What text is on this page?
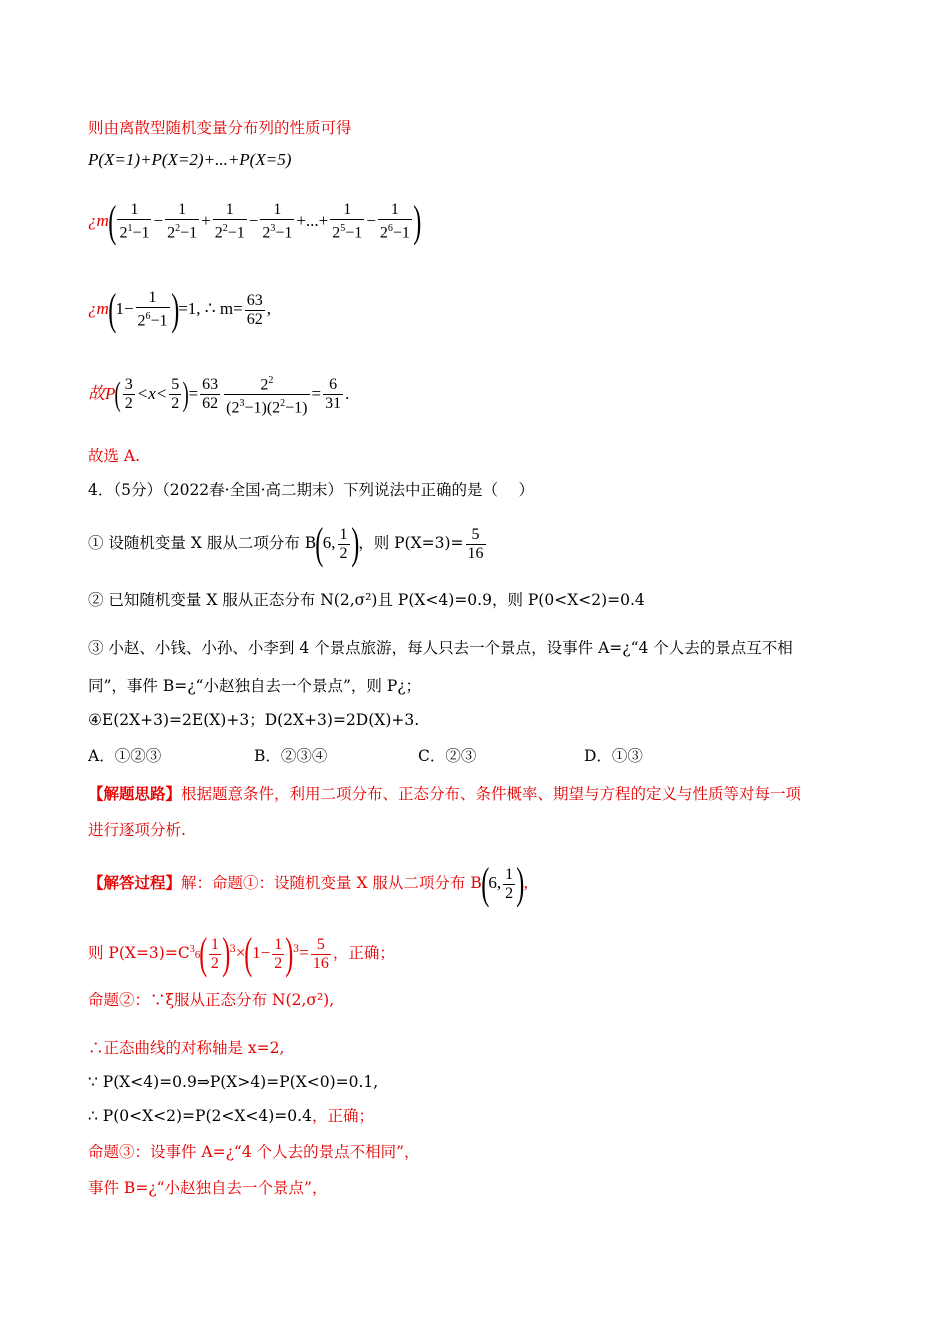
则由离散型随机变量分布列的性质可得
P(X=1)+P(X=2)+...+P(X=5)
¿$m( \frac{1}{2^1-1} - \frac{1}{2^2-1} + \frac{1}{2^2-1} - \frac{1}{2^3-1}$ +...+ $\frac{1}{2^5-1} - \frac{1}{2^6-1}$ )
¿$m(1- \frac{1}{2^6-1} )=1$, ∴ $m= \frac{63}{62}$ ,
故$P( \frac{3}{2} <x< \frac{5}{2}$ )= $\frac{63}{62} \frac{2^2}{(2^3-1)(2^2-1)} = \frac{6}{31}$ .
故选 A.
4．（5分）（2022春·全国·高二期末）下列说法中正确的是（　 ）
① 设随机变量 X 服从二项分布 B(6, $\frac{1}{2}$ )，则 $P(X=3)= \frac{5}{16}$
② 已知随机变量 X 服从正态分布 N(2,σ²)且 P(X<4)=0.9，则 P(0<X<2)=0.4
③ 小赵、小钱、小孙、小李到 4 个景点旅游，每人只去一个景点，设事件 A=¿“4 个人去的景点互不相
同”，事件 B=¿“小赵独自去一个景点”，则 P¿；
④E(2X+3)=2E(X)+3；D(2X+3)=2D(X)+3.
A．①②③	B．②③④	C．②③	D．①③
【解题思路】根据题意条件，利用二项分布、正态分布、条件概率、期望与方程的定义与性质等对每一项
进行逐项分析.
【解答过程】解：命题①：设随机变量 X 服从二项分布 B(6, $\frac{1}{2}$ ),
则 $P(X=3)=C^36( \frac{1}{2} )^3\times(1- \frac{1}{2} )^3= \frac{5}{16}$ ，正确；
命题②：∵ξ服从正态分布 N(2,σ²),
∴正态曲线的对称轴是 x=2,
∵ P(X<4)=0.9⇒P(X>4)=P(X<0)=0.1,
∴ P(0<X<2)=P(2<X<4)=0.4，正确；
命题③：设事件 A=¿“4 个人去的景点不相同”，
事件 B=¿“小赵独自去一个景点”，
